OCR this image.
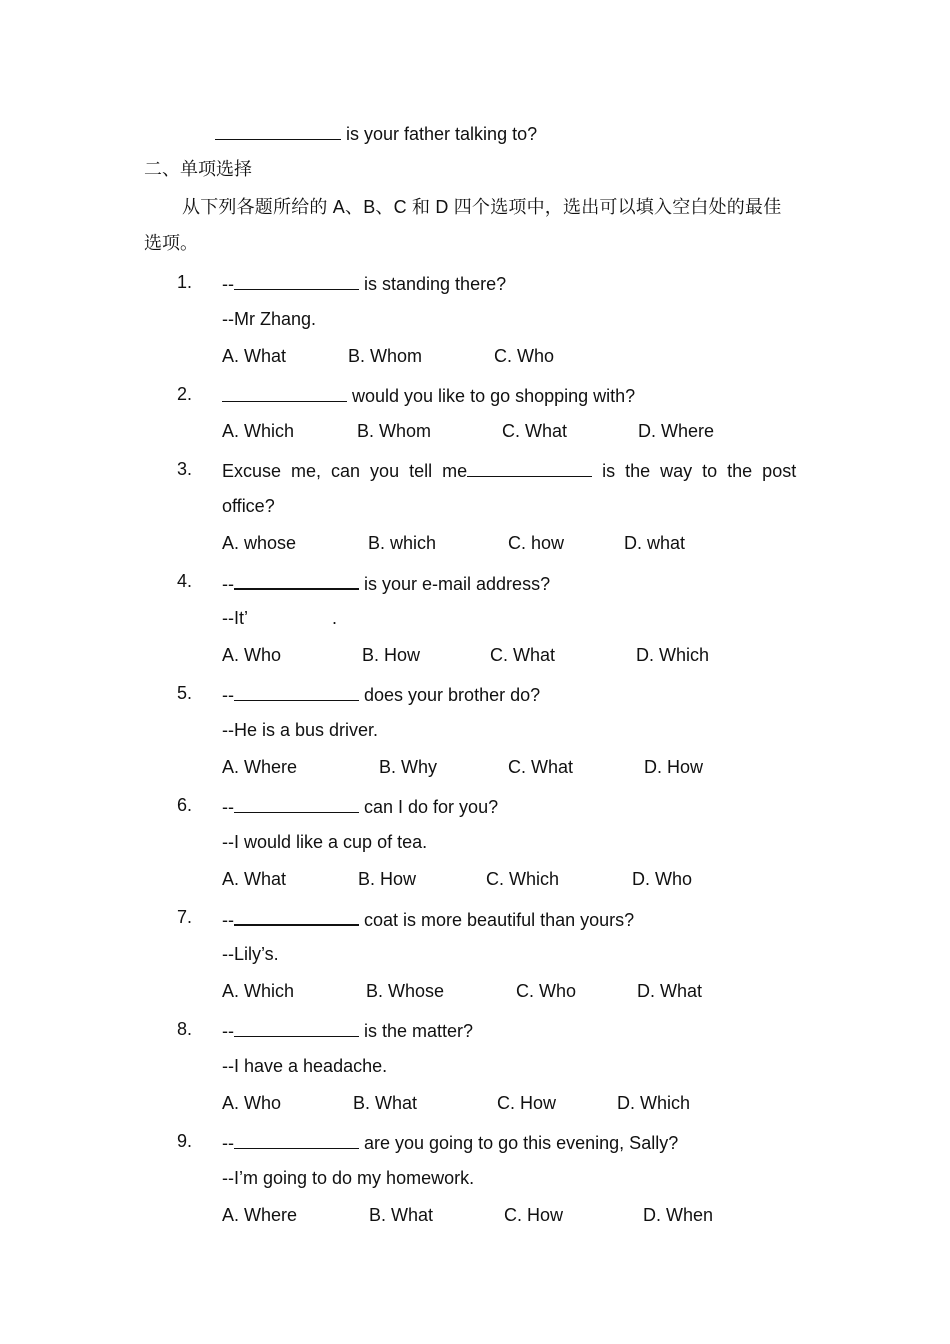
is your father talking to?
二、单项选择
从下列各题所给的 A、B、C 和 D 四个选项中，选出可以填入空白处的最佳
选项。
1. --	is standing there?
--Mr Zhang.
A. What	B. Whom	C. Who
2.	would you like to go shopping with?
A. Which	B. Whom	C. What	D. Where
3. Excuse  me,  can  you  tell  me	is  the  way  to  the  post
office?
A. whose	B. which	C. how	D. what
4. --	is your e-mail address?
--It’	.
A. Who	B. How	C. What	D. Which
5. --	does your brother do?
--He is a bus driver.
A. Where	B. Why	C. What	D. How
6. --	can I do for you?
--I would like a cup of tea.
A. What	B. How	C. Which	D. Who
7. --	coat is more beautiful than yours?
--Lily’s.
A. Which	B. Whose	C. Who	D. What
8. --	is the matter?
--I have a headache.
A. Who	B. What	C. How	D. Which
9. --	are you going to go this evening, Sally?
--I’m going to do my homework.
A. Where	B. What	C. How	D. When
